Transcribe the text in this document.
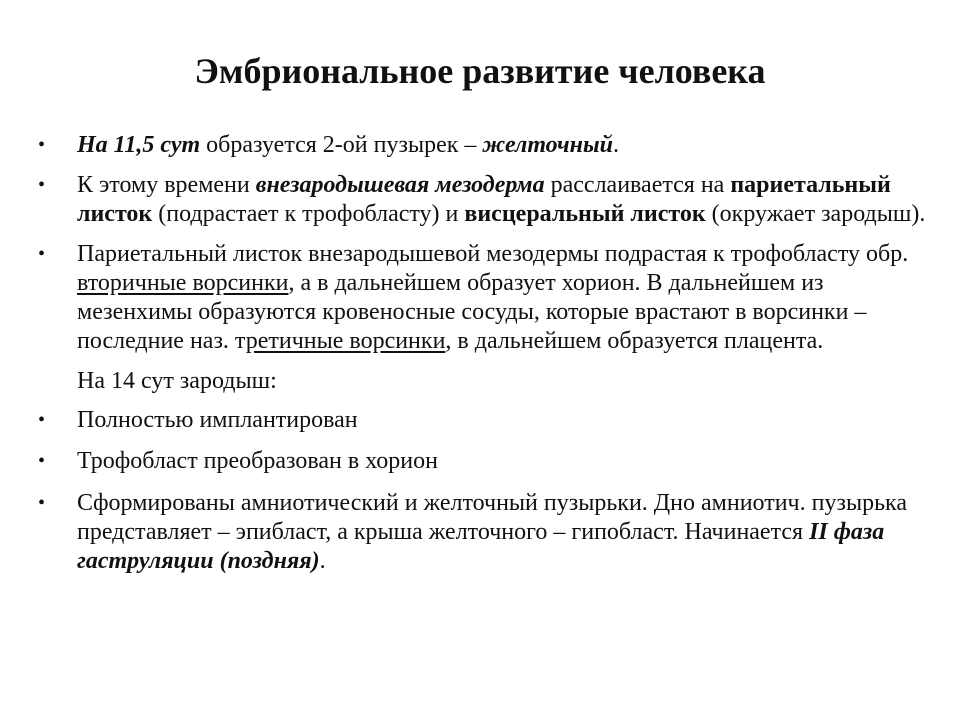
Эмбриональное развитие человека
•	На 11,5 сут образуется 2-ой пузырек – желточный.
•	К этому времени внезародышевая мезодерма расслаивается на париетальный листок (подрастает к трофобласту) и висцеральный листок (окружает зародыш).
•	Париетальный листок внезародышевой мезодермы подрастая к трофобласту обр. вторичные ворсинки, а в дальнейшем образует хорион. В дальнейшем из мезенхимы образуются кровеносные сосуды, которые врастают в ворсинки – последние наз. третичные ворсинки, в дальнейшем образуется плацента.
На 14 сут зародыш:
•	Полностью имплантирован
•	Трофобласт преобразован в хорион
•	Сформированы амниотический и желточный пузырьки. Дно амниотич. пузырька представляет – эпибласт, а крыша желточного – гипобласт. Начинается II фаза гаструляции (поздняя).
